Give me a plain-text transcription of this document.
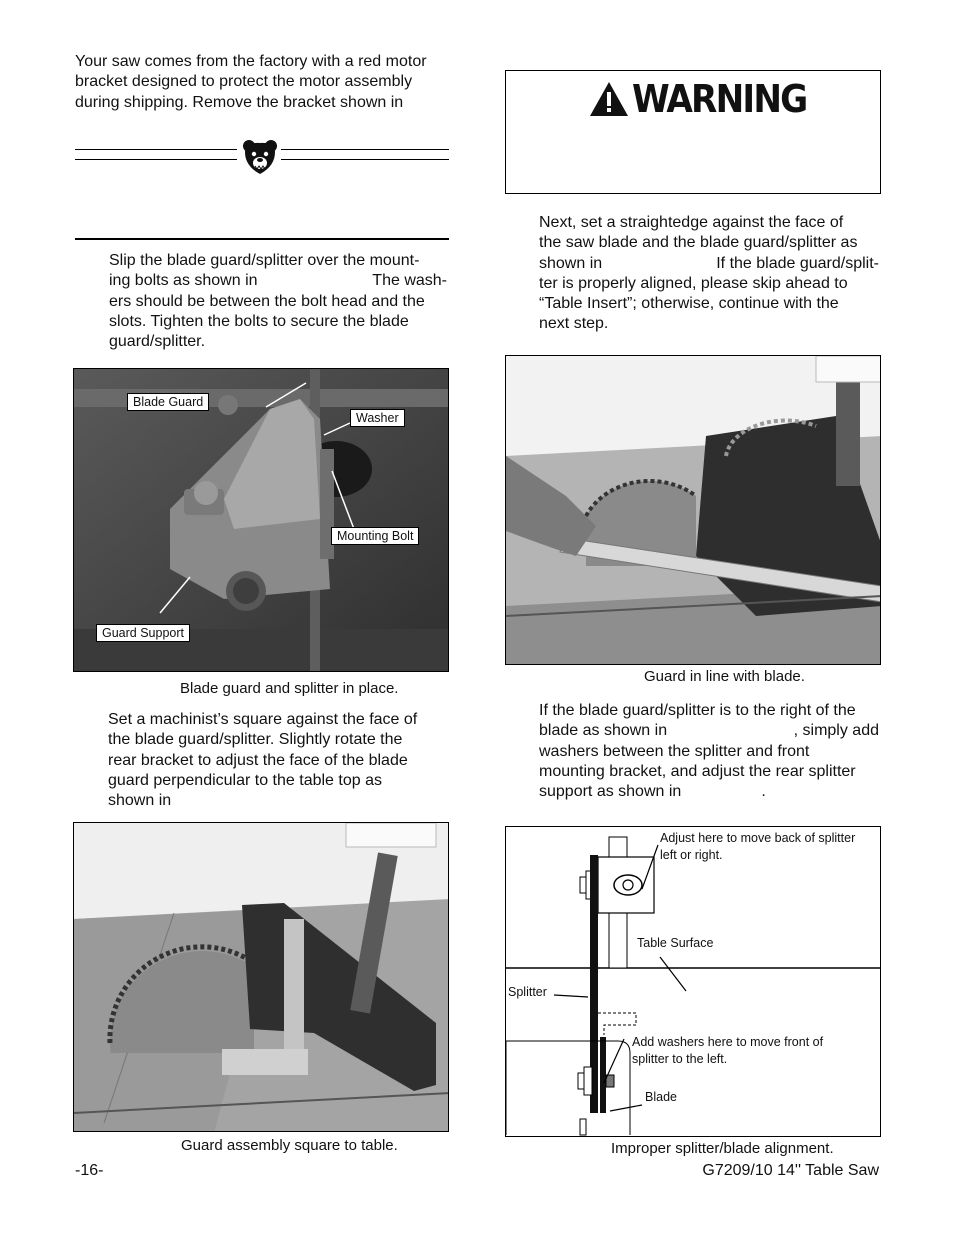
Your saw comes from the factory with a red motor
bracket designed to protect the motor assembly
during shipping. Remove the bracket shown in
Slip the blade guard/splitter over the mount-
ing bolts as shown in	The wash-
ers should be between the bolt head and the
slots. Tighten the bolts to secure the blade
guard/splitter.
Blade Guard
Washer
Mounting Bolt
Guard Support
Blade guard and splitter in place.
Set a machinist’s square against the face of
the blade guard/splitter. Slightly rotate the
rear bracket to adjust the face of the blade
guard perpendicular to the table top as
shown in
Guard assembly square to table.
WARNING
Next, set a straightedge against the face of
the saw blade and the blade guard/splitter as
shown in	If the blade guard/split-
ter is properly aligned, please skip ahead to
“Table Insert”; otherwise, continue with the
next step.
Guard in line with blade.
If the blade guard/splitter is to the right of the
blade as shown in	, simply add
washers between the splitter and front
mounting bracket, and adjust the rear splitter
support as shown in	.
Adjust here to move back of splitter
left or right.
Table Surface
Splitter
Add washers here to move front of
splitter to the left.
Blade
Improper splitter/blade alignment.
-16-	G7209/10 14'' Table Saw
